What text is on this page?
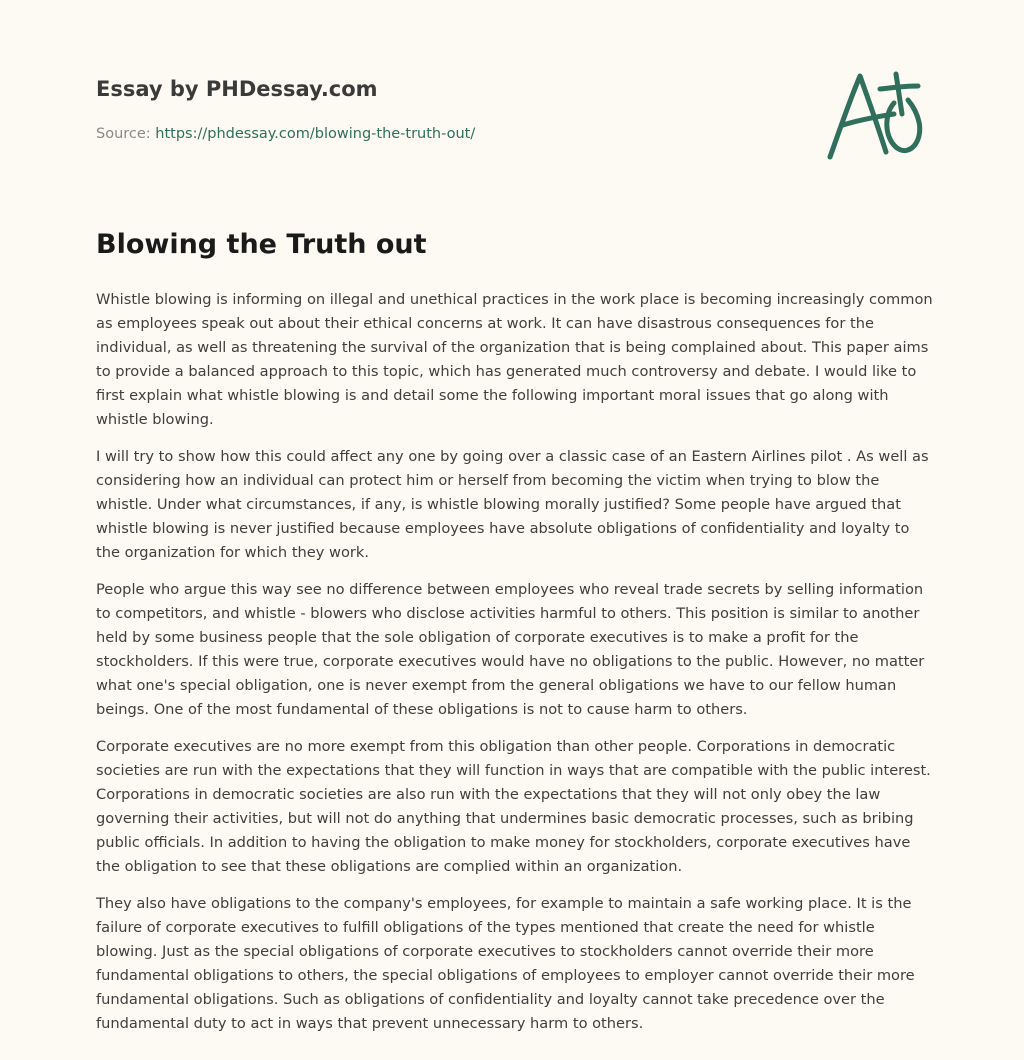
Essay by PHDessay.com
Source: https://phdessay.com/blowing-the-truth-out/
Blowing the Truth out

Whistle blowing is informing on illegal and unethical practices in the work place is becoming increasingly common as employees speak out about their ethical concerns at work. It can have disastrous consequences for the individual, as well as threatening the survival of the organization that is being complained about. This paper aims to provide a balanced approach to this topic, which has generated much controversy and debate. I would like to first explain what whistle blowing is and detail some the following important moral issues that go along with whistle blowing.

I will try to show how this could affect any one by going over a classic case of an Eastern Airlines pilot . As well as considering how an individual can protect him or herself from becoming the victim when trying to blow the whistle. Under what circumstances, if any, is whistle blowing morally justified? Some people have argued that whistle blowing is never justified because employees have absolute obligations of confidentiality and loyalty to the organization for which they work.

People who argue this way see no difference between employees who reveal trade secrets by selling information to competitors, and whistle - blowers who disclose activities harmful to others. This position is similar to another held by some business people that the sole obligation of corporate executives is to make a profit for the stockholders. If this were true, corporate executives would have no obligations to the public. However, no matter what one's special obligation, one is never exempt from the general obligations we have to our fellow human beings. One of the most fundamental of these obligations is not to cause harm to others.

Corporate executives are no more exempt from this obligation than other people. Corporations in democratic societies are run with the expectations that they will function in ways that are compatible with the public interest. Corporations in democratic societies are also run with the expectations that they will not only obey the law governing their activities, but will not do anything that undermines basic democratic processes, such as bribing public officials. In addition to having the obligation to make money for stockholders, corporate executives have the obligation to see that these obligations are complied within an organization.

They also have obligations to the company's employees, for example to maintain a safe working place. It is the failure of corporate executives to fulfill obligations of the types mentioned that create the need for whistle blowing. Just as the special obligations of corporate executives to stockholders cannot override their more fundamental obligations to others, the special obligations of employees to employer cannot override their more fundamental obligations. Such as obligations of confidentiality and loyalty cannot take precedence over the fundamental duty to act in ways that prevent unnecessary harm to others.
